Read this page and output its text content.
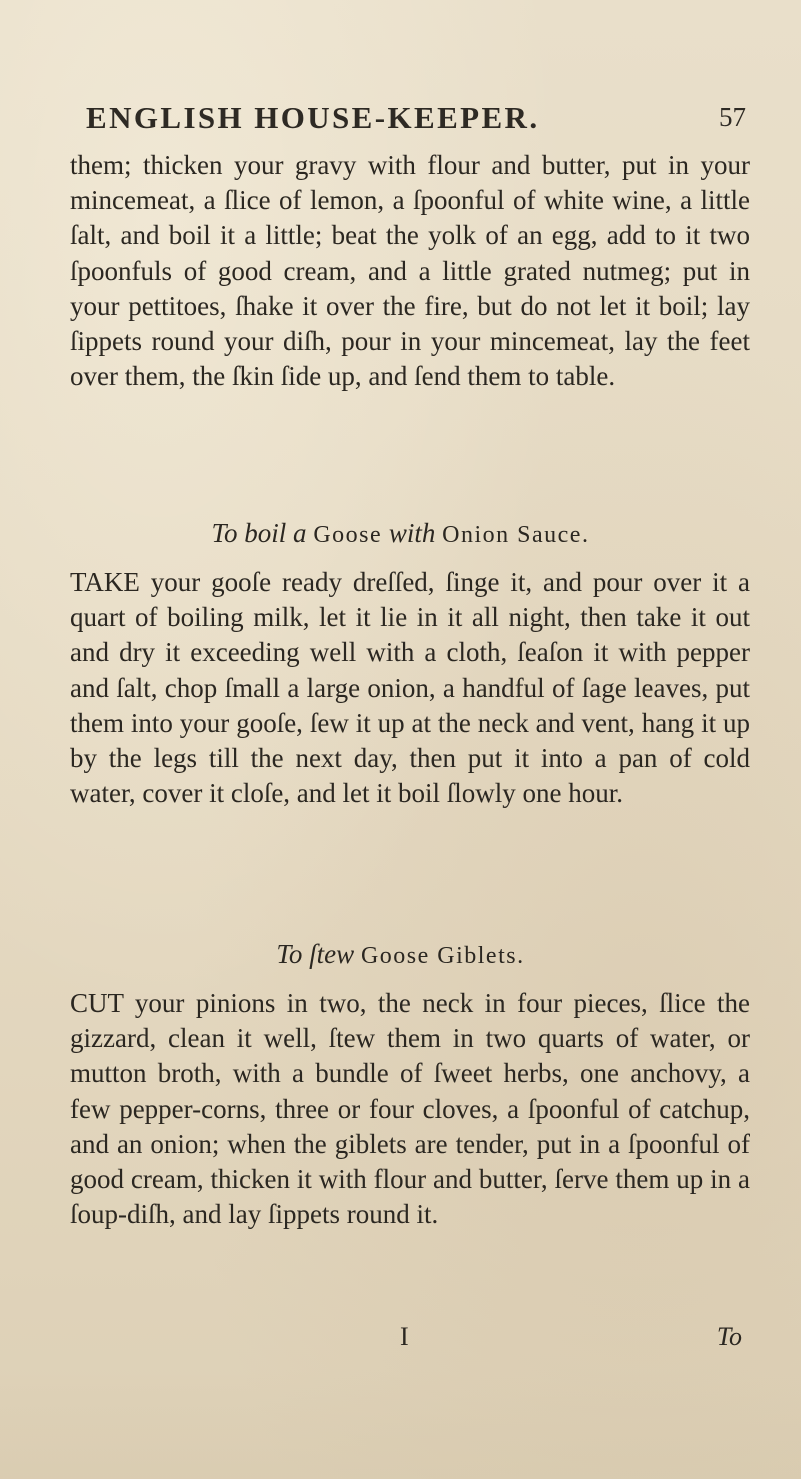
ENGLISH HOUSE-KEEPER.	57

them; thicken your gravy with flour and butter, put in your mincemeat, a ſlice of lemon, a ſpoonful of white wine, a little ſalt, and boil it a little; beat the yolk of an egg, add to it two ſpoonfuls of good cream, and a little grated nutmeg; put in your pettitoes, ſhake it over the fire, but do not let it boil; lay ſippets round your diſh, pour in your mincemeat, lay the feet over them, the ſkin ſide up, and ſend them to table.

To boil a Goose with Onion Sauce.

TAKE your gooſe ready dreſſed, ſinge it, and pour over it a quart of boiling milk, let it lie in it all night, then take it out and dry it exceeding well with a cloth, ſeaſon it with pepper and ſalt, chop ſmall a large onion, a handful of ſage leaves, put them into your gooſe, ſew it up at the neck and vent, hang it up by the legs till the next day, then put it into a pan of cold water, cover it cloſe, and let it boil ſlowly one hour.

To ſtew Goose Giblets.

CUT your pinions in two, the neck in four pieces, ſlice the gizzard, clean it well, ſtew them in two quarts of water, or mutton broth, with a bundle of ſweet herbs, one anchovy, a few pepper-corns, three or four cloves, a ſpoonful of catchup, and an onion; when the giblets are tender, put in a ſpoonful of good cream, thicken it with flour and butter, ſerve them up in a ſoup-diſh, and lay ſippets round it.

I	To
